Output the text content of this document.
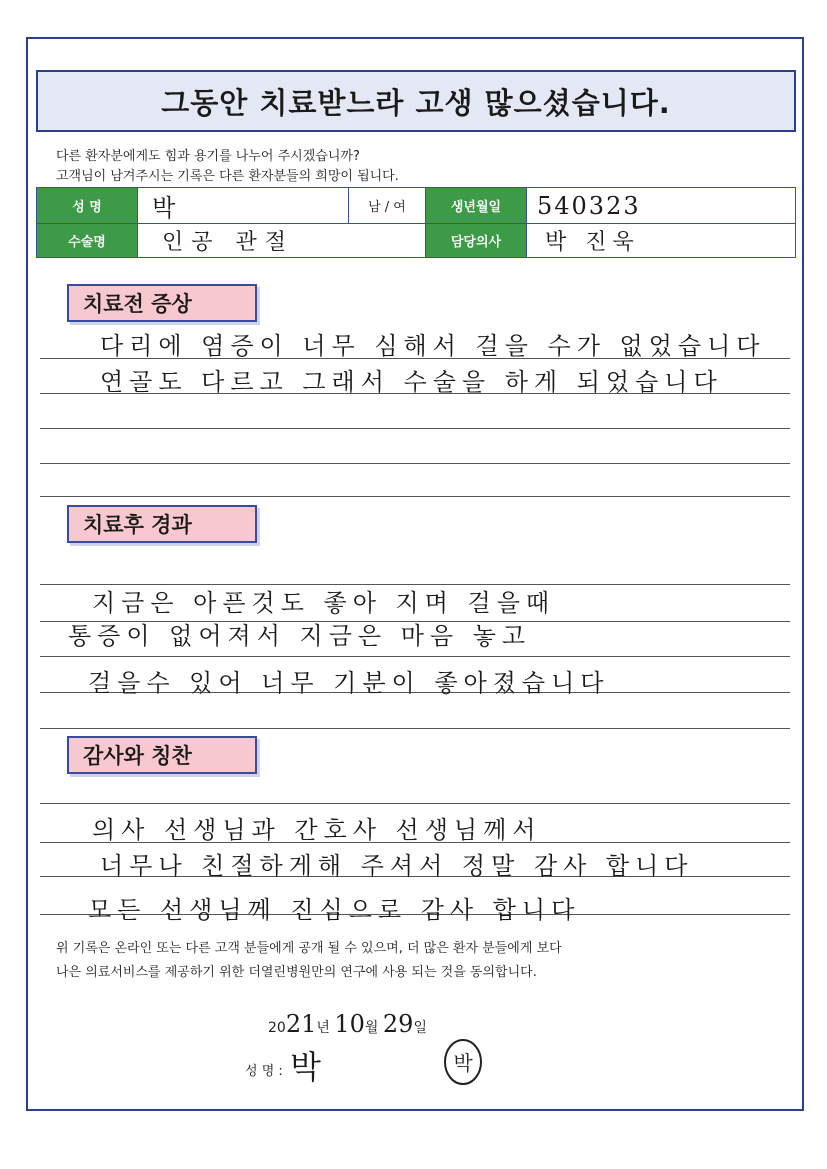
그동안 치료받느라 고생 많으셨습니다.
다른 환자분에게도 힘과 용기를 나누어 주시겠습니까?
고객님이 남겨주시는 기록은 다른 환자분들의 희망이 됩니다.
성 명	박	남 / 여	생년월일	540323
수술명	인공 관절		담당의사	박 진욱
치료전 증상
다리에 염증이 너무 심해서 걸을 수가 없었습니다
연골도 다르고 그래서 수술을 하게 되었습니다
치료후 경과
지금은 아픈것도 좋아 지며 걸을때
통증이 없어져서 지금은 마음 놓고
걸을수 있어 너무 기분이 좋아졌습니다
감사와 칭찬
의사 선생님과 간호사 선생님께서
너무나 친절하게해 주셔서 정말 감사 합니다
모든 선생님께 진심으로 감사 합니다
위 기록은 온라인 또는 다른 고객 분들에게 공개 될 수 있으며, 더 많은 환자 분들에게 보다
나은 의료서비스를 제공하기 위한 더열린병원만의 연구에 사용 되는 것을 동의합니다.
2021년 10월 29일
성 명 : 박	박
